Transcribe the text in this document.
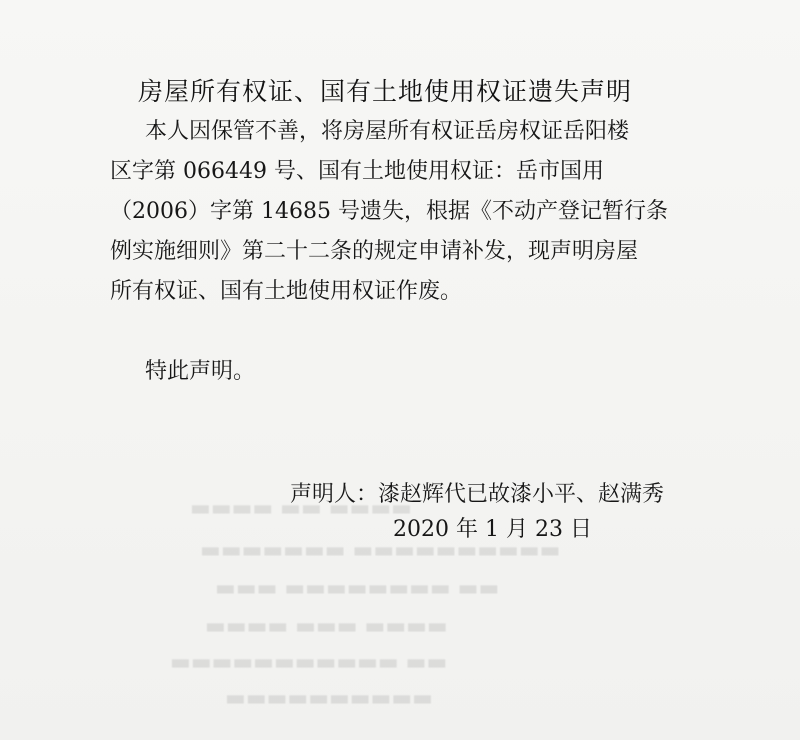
▬▬▬▬ ▬▬ ▬▬▬▬
▬▬▬▬▬▬▬▬▬▬ ▬▬▬▬▬▬▬
▬▬ ▬▬▬▬▬▬▬▬ ▬▬▬
▬▬▬▬ ▬▬▬ ▬▬▬▬
▬▬ ▬▬▬▬▬▬▬▬▬▬▬
▬▬▬▬▬▬▬▬▬▬
房屋所有权证、国有土地使用权证遗失声明
本人因保管不善，将房屋所有权证岳房权证岳阳楼
区字第 066449 号、国有土地使用权证：岳市国用
（2006）字第 14685 号遗失，根据《不动产登记暂行条
例实施细则》第二十二条的规定申请补发，现声明房屋
所有权证、国有土地使用权证作废。
特此声明。
声明人：漆赵辉代已故漆小平、赵满秀
2020 年 1 月 23 日
